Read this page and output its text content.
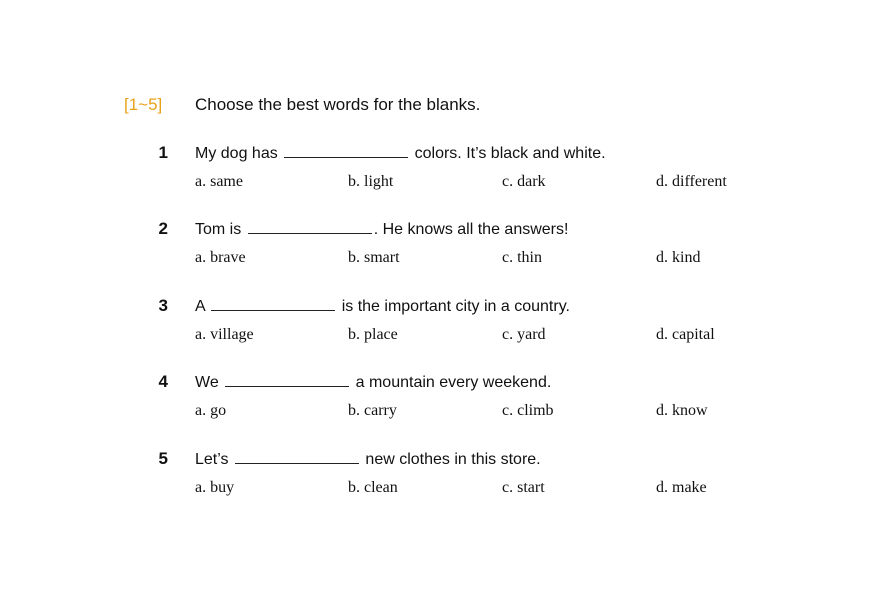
[1~5]	Choose the best words for the blanks.
1 My dog has	colors. It’s black and white.
a. same	b. light	c. dark	d. different
2 Tom is	. He knows all the answers!
a. brave	b. smart	c. thin	d. kind
3 A	is the important city in a country.
a. village	b. place	c. yard	d. capital
4 We	a mountain every weekend.
a. go	b. carry	c. climb	d. know
5 Let’s	new clothes in this store.
a. buy	b. clean	c. start	d. make
